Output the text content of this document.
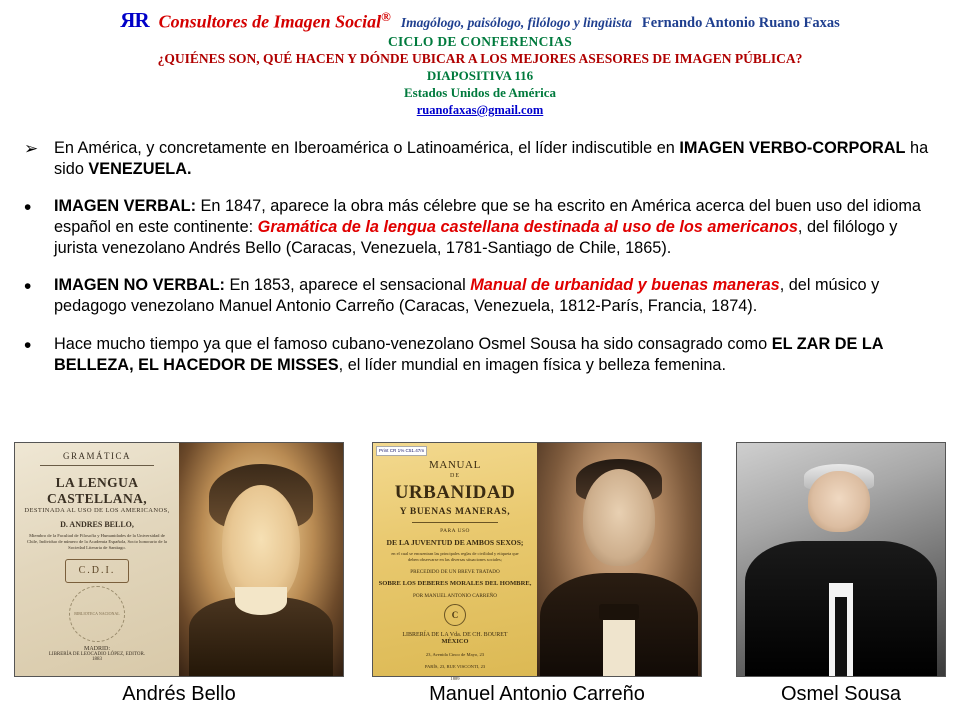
ЯR Consultores de Imagen Social® Imagólogo, paisólogo, filólogo y lingüista Fernando Antonio Ruano Faxas
CICLO DE CONFERENCIAS
¿QUIÉNES SON, QUÉ HACEN Y DÓNDE UBICAR A LOS MEJORES ASESORES DE IMAGEN PÚBLICA?
DIAPOSITIVA 116
Estados Unidos de América
ruanofaxas@gmail.com
➢ En América, y concretamente en Iberoamérica o Latinoamérica, el líder indiscutible en IMAGEN VERBO-CORPORAL ha sido VENEZUELA.
•	IMAGEN VERBAL: En 1847, aparece la obra más célebre que se ha escrito en América acerca del buen uso del idioma español en este continente: Gramática de la lengua castellana destinada al uso de los americanos, del filólogo y jurista venezolano Andrés Bello (Caracas, Venezuela, 1781-Santiago de Chile, 1865).
•	IMAGEN NO VERBAL: En 1853, aparece el sensacional Manual de urbanidad y buenas maneras, del músico y pedagogo venezolano Manuel Antonio Carreño (Caracas, Venezuela, 1812-París, Francia, 1874).
•	Hace mucho tiempo ya que el famoso cubano-venezolano Osmel Sousa ha sido consagrado como EL ZAR DE LA BELLEZA, EL HACEDOR DE MISSES, el líder mundial en imagen física y belleza femenina.
GRAMÁTICA
LA LENGUA CASTELLANA,
DESTINADA AL USO DE LOS AMERICANOS,
D. ANDRES BELLO,
Miembro de la Facultad de Filosofía y Humanidades de la Universidad de Chile, Individuo de número de la Academia Española, Socio honorario de la Sociedad Literaria de Santiago.
C.D.I.
BIBLIOTECA NACIONAL
MADRID:
LIBRERÍA DE LEOCADIO LÓPEZ, EDITOR.
1883
Andrés Bello
Print CR 1% C51.47m
MANUAL
DE
URBANIDAD
Y BUENAS MANERAS,
PARA USO
DE LA JUVENTUD DE AMBOS SEXOS;
en el cual se encuentran las principales reglas de civilidad y etiqueta que deben observarse en las diversas situaciones sociales;
PRECEDIDO DE UN BREVE TRATADO
SOBRE LOS DEBERES MORALES DEL HOMBRE,
POR MANUEL ANTONIO CARREÑO
C
LIBRERÍA DE LA Vda. DE CH. BOURET
MÉXICO
23, Avenida Cinco de Mayo, 23
PARÍS, 23, RUE VISCONTI, 23
1889
Manuel Antonio Carreño	Osmel Sousa
